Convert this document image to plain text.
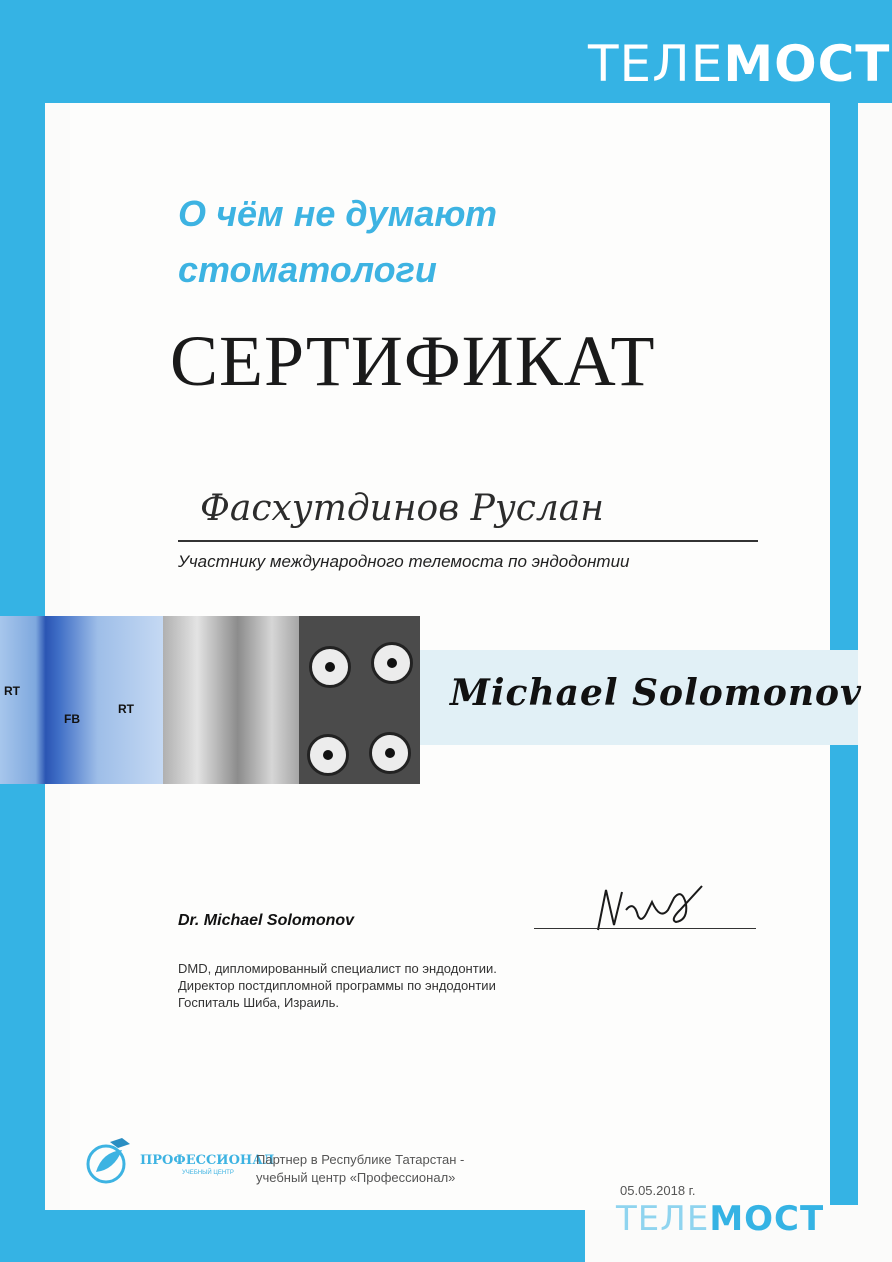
ТЕЛЕМОСТ
О чём не думают стоматологи
СЕРТИФИКАТ
Фасхутдинов Руслан
Участнику международного телемоста по эндодонтии
RT
FB
RT	Michael Solomonov
Dr. Michael Solomonov
DMD, дипломированный специалист по эндодонтии.
Директор постдипломной программы по эндодонтии
Госпиталь Шиба, Израиль.
ПРОФЕССИОНАЛ
УЧЕБНЫЙ ЦЕНТР
Партнер в Республике Татарстан -
учебный центр «Профессионал»
05.05.2018 г.
ТЕЛЕМОСТ
